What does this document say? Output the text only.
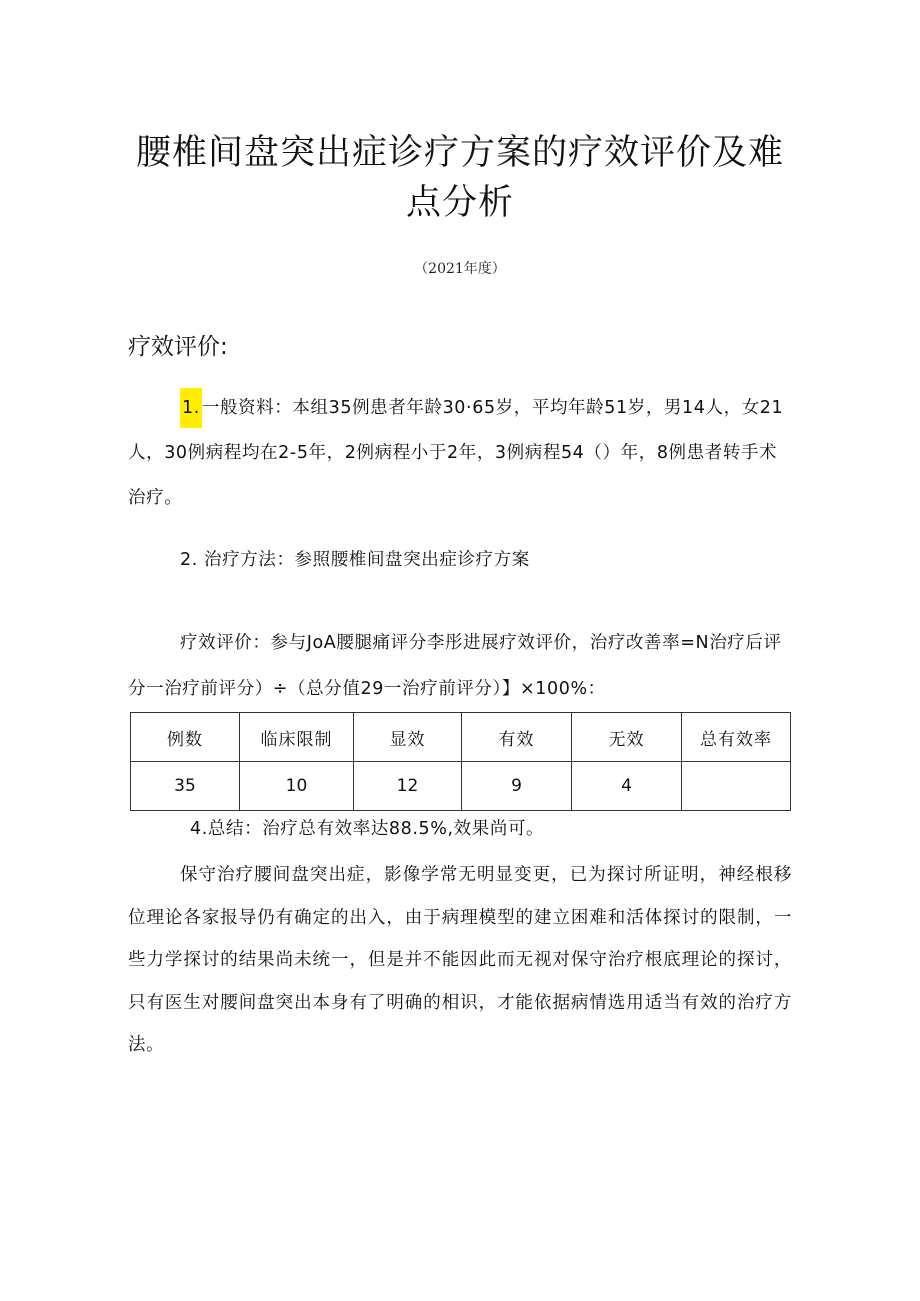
腰椎间盘突出症诊疗方案的疗效评价及难
点分析
（2021年度）
疗效评价:
1. 一般资料：本组35例患者年龄30·65岁，平均年龄51岁，男14人，女21人，30例病程均在2-5年，2例病程小于2年，3例病程54（）年，8例患者转手术治疗。
2. 治疗方法：参照腰椎间盘突出症诊疗方案
疗效评价：参与JoA腰腿痛评分李彤进展疗效评价，治疗改善率=N治疗后评分一治疗前评分）÷（总分值29一治疗前评分）】×100%：
例数	临床限制	显效	有效	无效	总有效率
35	10	12	9	4	
4.总结：治疗总有效率达88.5%,效果尚可。
保守治疗腰间盘突出症，影像学常无明显变更，已为探讨所证明，神经根移位理论各家报导仍有确定的出入，由于病理模型的建立困难和活体探讨的限制，一些力学探讨的结果尚未统一，但是并不能因此而无视对保守治疗根底理论的探讨，只有医生对腰间盘突出本身有了明确的相识，才能依据病情选用适当有效的治疗方法。
